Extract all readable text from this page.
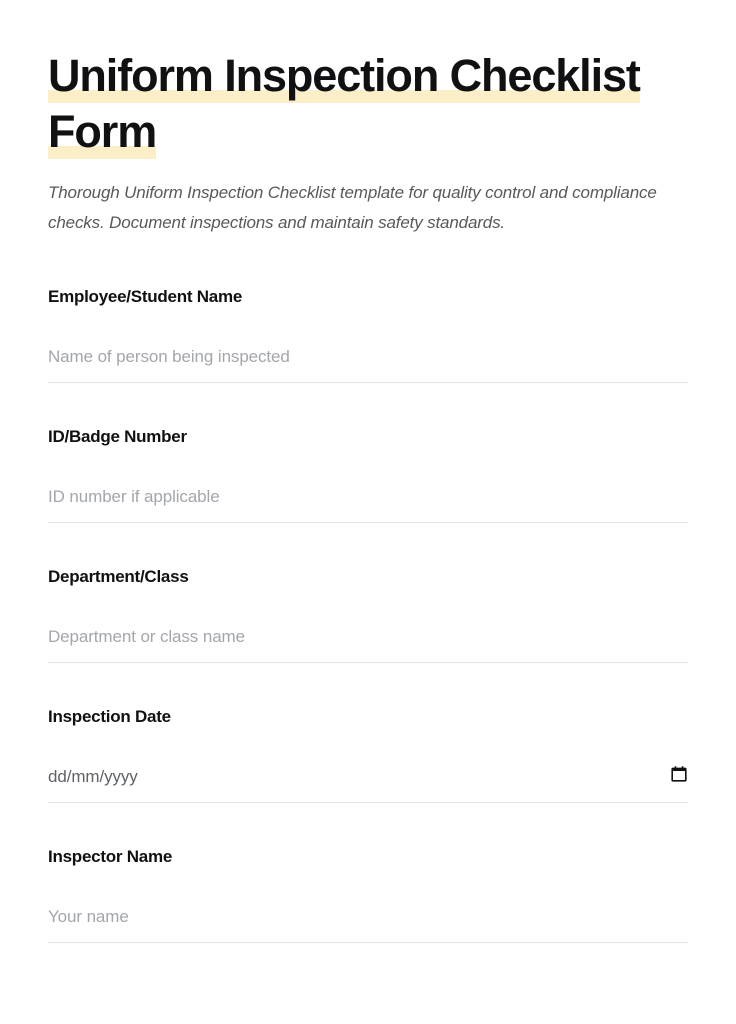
Uniform Inspection Checklist
Form

Thorough Uniform Inspection Checklist template for quality control and compliance checks. Document inspections and maintain safety standards.

Employee/Student Name
Name of person being inspected
ID/Badge Number
ID number if applicable
Department/Class
Department or class name
Inspection Date
dd/mm/yyyy
Inspector Name
Your name
